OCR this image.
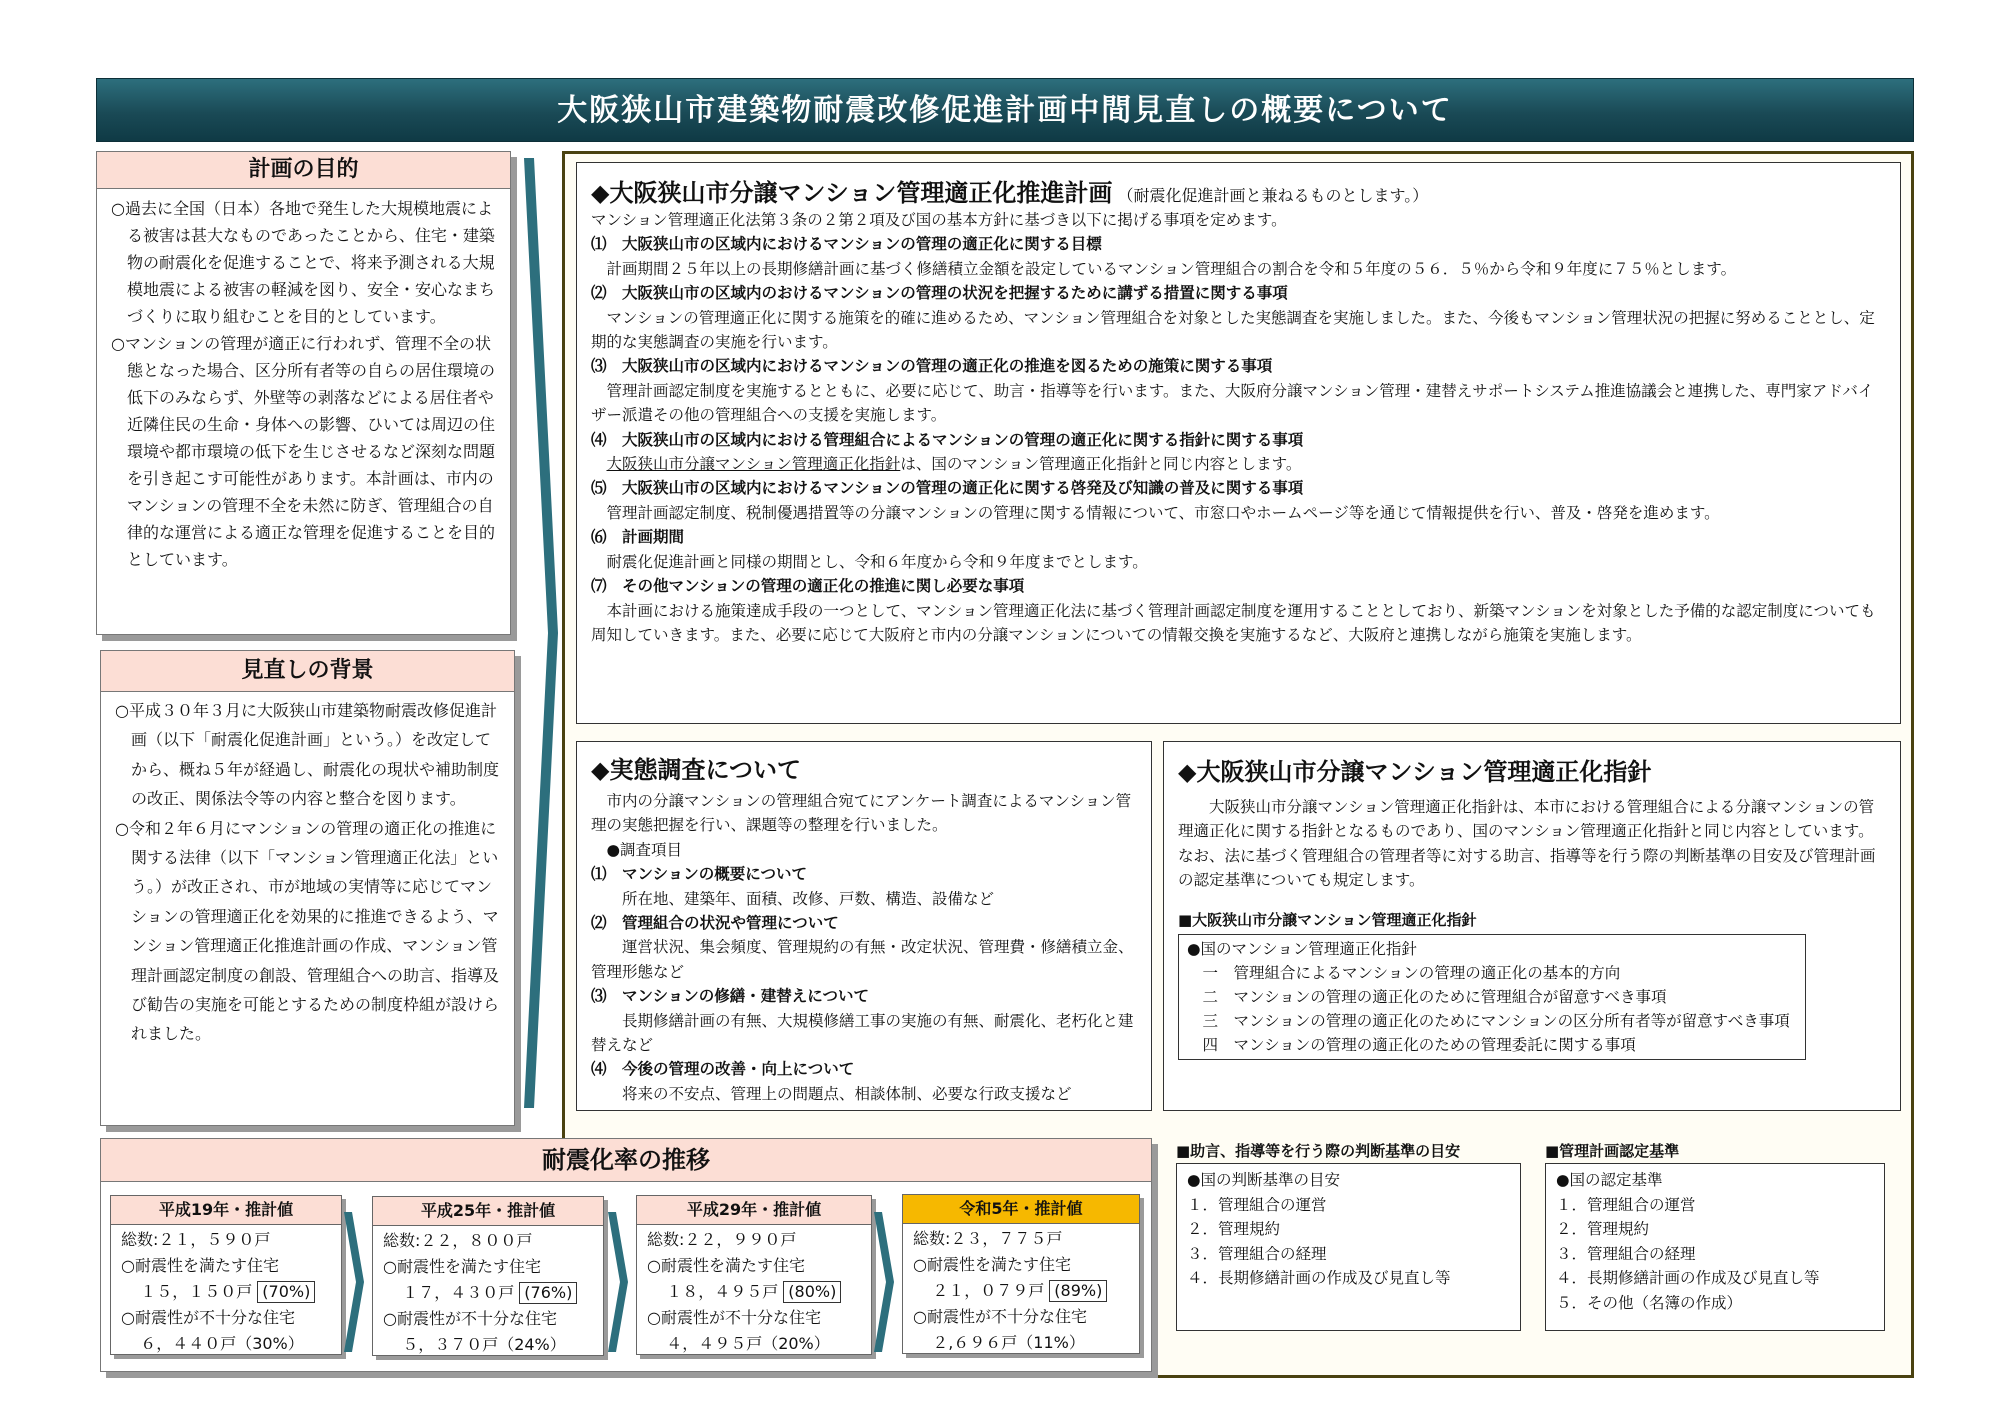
大阪狭山市建築物耐震改修促進計画中間見直しの概要について
計画の目的

○過去に全国（日本）各地で発生した大規模地震による被害は甚大なものであったことから、住宅・建築物の耐震化を促進することで、将来予測される大規模地震による被害の軽減を図り、安全・安心なまちづくりに取り組むことを目的としています。

○マンションの管理が適正に行われず、管理不全の状態となった場合、区分所有者等の自らの居住環境の低下のみならず、外壁等の剥落などによる居住者や近隣住民の生命・身体への影響、ひいては周辺の住環境や都市環境の低下を生じさせるなど深刻な問題を引き起こす可能性があります。本計画は、市内のマンションの管理不全を未然に防ぎ、管理組合の自律的な運営による適正な管理を促進することを目的としています。

見直しの背景

○平成３０年３月に大阪狭山市建築物耐震改修促進計画（以下「耐震化促進計画」という。）を改定してから、概ね５年が経過し、耐震化の現状や補助制度の改正、関係法令等の内容と整合を図ります。

○令和２年６月にマンションの管理の適正化の推進に関する法律（以下「マンション管理適正化法」という。）が改正され、市が地域の実情等に応じてマンションの管理適正化を効果的に推進できるよう、マンション管理適正化推進計画の作成、マンション管理計画認定制度の創設、管理組合への助言、指導及び勧告の実施を可能とするための制度枠組が設けられました。

◆大阪狭山市分譲マンション管理適正化推進計画 （耐震化促進計画と兼ねるものとします。）
マンション管理適正化法第３条の２第２項及び国の基本方針に基づき以下に掲げる事項を定めます。
⑴　大阪狭山市の区域内におけるマンションの管理の適正化に関する目標
計画期間２５年以上の長期修繕計画に基づく修繕積立金額を設定しているマンション管理組合の割合を令和５年度の５６．５％から令和９年度に７５％とします。
⑵　大阪狭山市の区域内のおけるマンションの管理の状況を把握するために講ずる措置に関する事項
マンションの管理適正化に関する施策を的確に進めるため、マンション管理組合を対象とした実態調査を実施しました。また、今後もマンション管理状況の把握に努めることとし、定期的な実態調査の実施を行います。
⑶　大阪狭山市の区域内におけるマンションの管理の適正化の推進を図るための施策に関する事項
管理計画認定制度を実施するとともに、必要に応じて、助言・指導等を行います。また、大阪府分譲マンション管理・建替えサポートシステム推進協議会と連携した、専門家アドバイザー派遣その他の管理組合への支援を実施します。
⑷　大阪狭山市の区域内における管理組合によるマンションの管理の適正化に関する指針に関する事項
大阪狭山市分譲マンション管理適正化指針は、国のマンション管理適正化指針と同じ内容とします。
⑸　大阪狭山市の区域内におけるマンションの管理の適正化に関する啓発及び知識の普及に関する事項
管理計画認定制度、税制優遇措置等の分譲マンションの管理に関する情報について、市窓口やホームページ等を通じて情報提供を行い、普及・啓発を進めます。
⑹　計画期間
耐震化促進計画と同様の期間とし、令和６年度から令和９年度までとします。
⑺　その他マンションの管理の適正化の推進に関し必要な事項
本計画における施策達成手段の一つとして、マンション管理適正化法に基づく管理計画認定制度を運用することとしており、新築マンションを対象とした予備的な認定制度についても周知していきます。また、必要に応じて大阪府と市内の分譲マンションについての情報交換を実施するなど、大阪府と連携しながら施策を実施します。
◆実態調査について
市内の分譲マンションの管理組合宛てにアンケート調査によるマンション管理の実態把握を行い、課題等の整理を行いました。
●調査項目
⑴　マンションの概要について
所在地、建築年、面積、改修、戸数、構造、設備など
⑵　管理組合の状況や管理について
運営状況、集会頻度、管理規約の有無・改定状況、管理費・修繕積立金、管理形態など
⑶　マンションの修繕・建替えについて
長期修繕計画の有無、大規模修繕工事の実施の有無、耐震化、老朽化と建替えなど
⑷　今後の管理の改善・向上について
将来の不安点、管理上の問題点、相談体制、必要な行政支援など
◆大阪狭山市分譲マンション管理適正化指針
大阪狭山市分譲マンション管理適正化指針は、本市における管理組合による分譲マンションの管理適正化に関する指針となるものであり、国のマンション管理適正化指針と同じ内容としています。なお、法に基づく管理組合の管理者等に対する助言、指導等を行う際の判断基準の目安及び管理計画の認定基準についても規定します。
■大阪狭山市分譲マンション管理適正化指針
●国のマンション管理適正化指針
一　管理組合によるマンションの管理の適正化の基本的方向
二　マンションの管理の適正化のために管理組合が留意すべき事項
三　マンションの管理の適正化のためにマンションの区分所有者等が留意すべき事項
四　マンションの管理の適正化のための管理委託に関する事項
■助言、指導等を行う際の判断基準の目安
●国の判断基準の目安
１．管理組合の運営
２．管理規約
３．管理組合の経理
４．長期修繕計画の作成及び見直し等
■管理計画認定基準
●国の認定基準
１．管理組合の運営
２．管理規約
３．管理組合の経理
４．長期修繕計画の作成及び見直し等
５．その他（名簿の作成）
耐震化率の推移
平成19年・推計値
総数:２１，５９０戸
○耐震性を満たす住宅
１５，１５０戸 (70%)
○耐震性が不十分な住宅
６，４４０戸（30%）
平成25年・推計値
総数:２２，８００戸
○耐震性を満たす住宅
１７，４３０戸 (76%)
○耐震性が不十分な住宅
５，３７０戸（24%）
平成29年・推計値
総数:２２，９９０戸
○耐震性を満たす住宅
１８，４９５戸 (80%)
○耐震性が不十分な住宅
４，４９５戸（20%）
令和5年・推計値
総数:２３，７７５戸
○耐震性を満たす住宅
２１，０７９戸 (89%)
○耐震性が不十分な住宅
２,６９６戸（11%）
